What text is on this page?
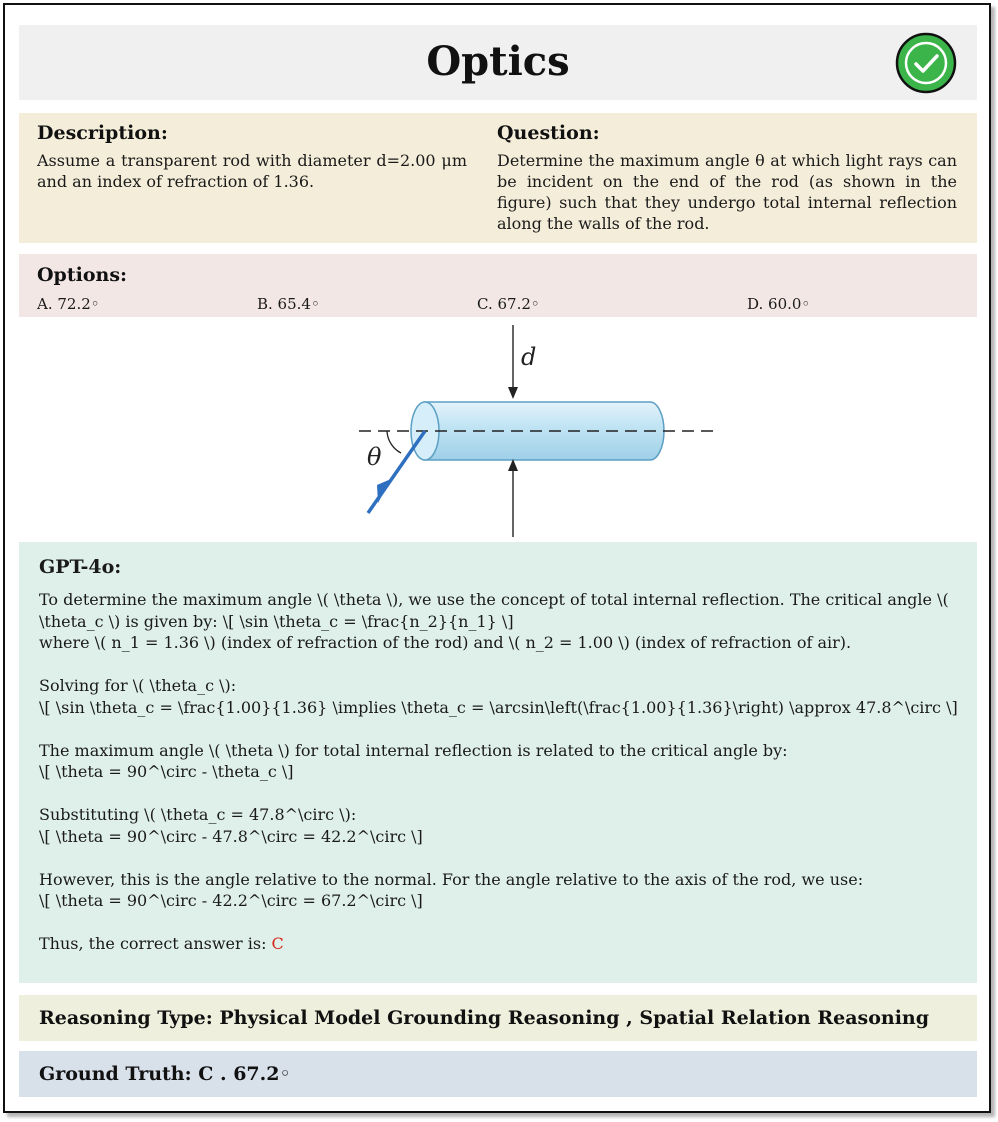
Optics
Description:

Assume a transparent rod with diameter d=2.00 μm and an index of refraction of 1.36.

Question:

Determine the maximum angle θ at which light rays can be incident on the end of the rod (as shown in the figure) such that they undergo total internal reflection along the walls of the rod.

Options:
A. 72.2◦	B. 65.4◦	C. 67.2◦	D. 60.0◦
d
θ
GPT-4o:

To determine the maximum angle \( \theta \), we use the concept of total internal reflection. The critical angle \( \theta_c \) is given by: \[ \sin \theta_c = \frac{n_2}{n_1} \]
where \( n_1 = 1.36 \) (index of refraction of the rod) and \( n_2 = 1.00 \) (index of refraction of air).

Solving for \( \theta_c \):
\[ \sin \theta_c = \frac{1.00}{1.36} \implies \theta_c = \arcsin\left(\frac{1.00}{1.36}\right) \approx 47.8^\circ \]

The maximum angle \( \theta \) for total internal reflection is related to the critical angle by:
\[ \theta = 90^\circ - \theta_c \]

Substituting \( \theta_c = 47.8^\circ \):
\[ \theta = 90^\circ - 47.8^\circ = 42.2^\circ \]

However, this is the angle relative to the normal. For the angle relative to the axis of the rod, we use:
\[ \theta = 90^\circ - 42.2^\circ = 67.2^\circ \]

Thus, the correct answer is: C

Reasoning Type: Physical Model Grounding Reasoning , Spatial Relation Reasoning
Ground Truth: C . 67.2◦
